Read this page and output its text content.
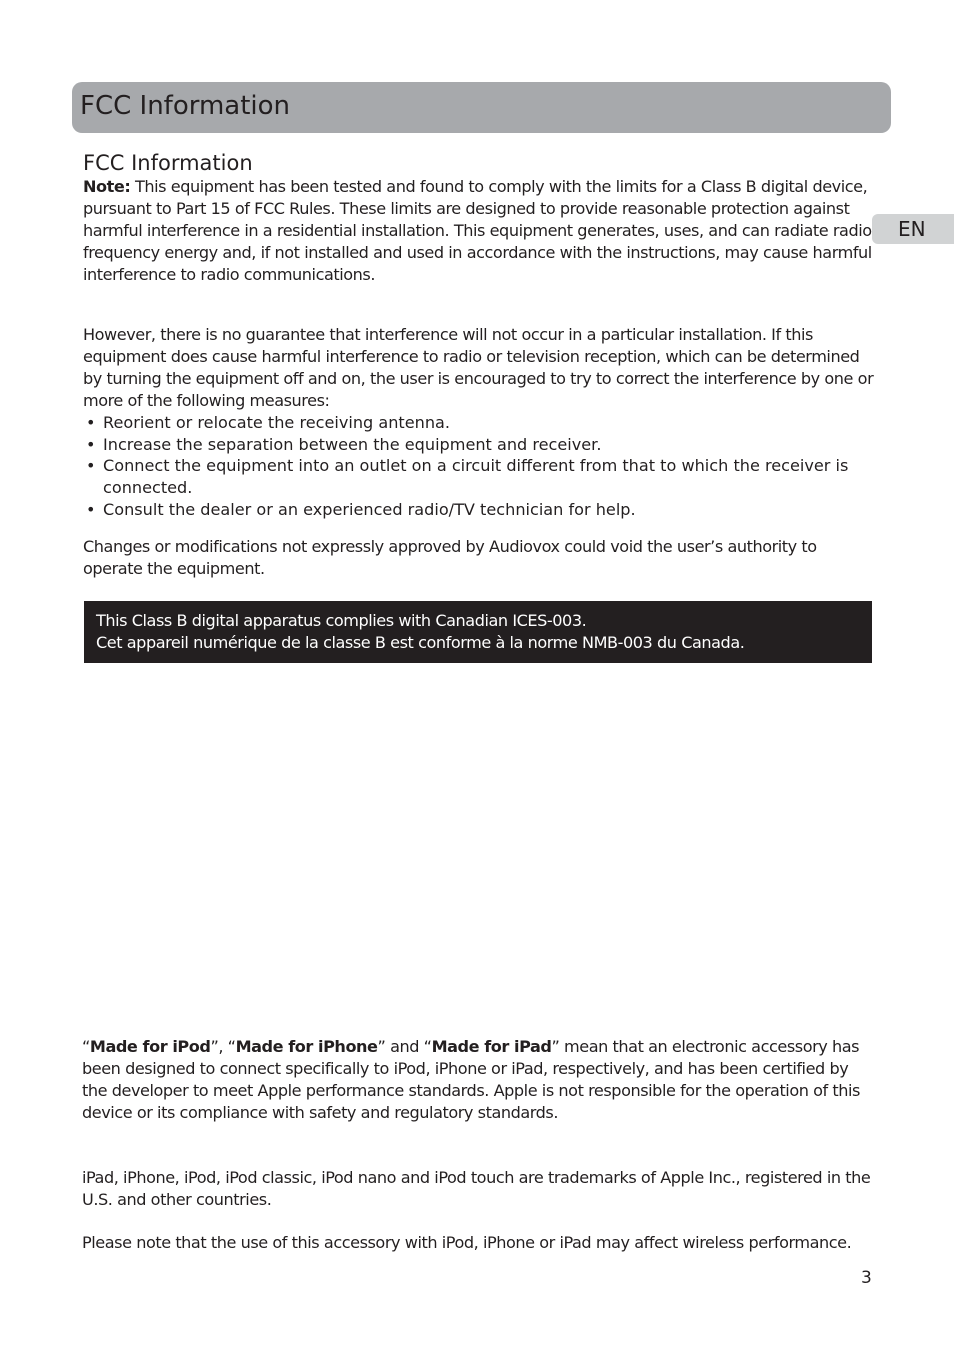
FCC Information
EN
FCC Information

Note: This equipment has been tested and found to comply with the limits for a Class B digital device, pursuant to Part 15 of FCC Rules. These limits are designed to provide reasonable protection against harmful interference in a residential installation. This equipment generates, uses, and can radiate radio frequency energy and, if not installed and used in accordance with the instructions, may cause harmful interference to radio communications.

However, there is no guarantee that interference will not occur in a particular installation. If this equipment does cause harmful interference to radio or television reception, which can be determined by turning the equipment off and on, the user is encouraged to try to correct the interference by one or more of the following measures:

• Reorient or relocate the receiving antenna.
• Increase the separation between the equipment and receiver.
• Connect the equipment into an outlet on a circuit different from that to which the receiver is connected.
• Consult the dealer or an experienced radio/TV technician for help.

Changes or modifications not expressly approved by Audiovox could void the user’s authority to operate the equipment.

This Class B digital apparatus complies with Canadian ICES-003.
Cet appareil numérique de la classe B est conforme à la norme NMB-003 du Canada.

“Made for iPod”, “Made for iPhone” and “Made for iPad” mean that an electronic accessory has been designed to connect specifically to iPod, iPhone or iPad, respectively, and has been certified by the developer to meet Apple performance standards. Apple is not responsible for the operation of this device or its compliance with safety and regulatory standards.

iPad, iPhone, iPod, iPod classic, iPod nano and iPod touch are trademarks of Apple Inc., registered in the U.S. and other countries.

Please note that the use of this accessory with iPod, iPhone or iPad may affect wireless performance.

3
